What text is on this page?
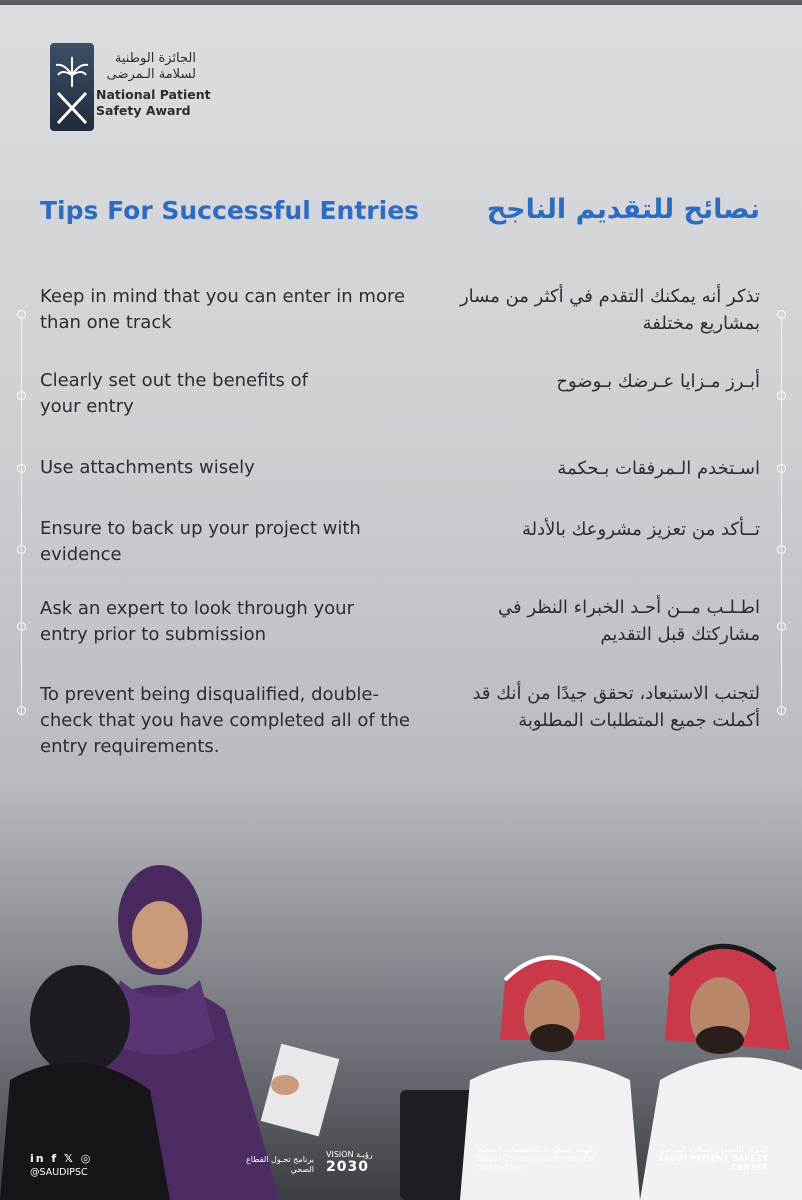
الجائزة الوطنية
لسلامة الـمرضى
National Patient
Safety Award
Tips For Successful Entries	نصائح للتقديم الناجح
Keep in mind that you can enter in more than one track
تذكر أنه يمكنك التقدم في أكثر من مسار بمشاريع مختلفة
Clearly set out the benefits of your entry
أبـرز مـزايا عـرضك بـوضوح
Use attachments wisely	اسـتخدم الـمرفقات بـحكمة
Ensure to back up your project with evidence
تــأكد من تعزيز مشروعك بالأدلة
Ask an expert to look through your entry prior to submission
اطـلـب مــن أحـد الخبراء النظر في مشاركتك قبل التقديم
To prevent being disqualified, double-check that you have completed all of the entry requirements.
لتجنب الاستبعاد، تحقق جيدًا من أنك قد أكملت جميع المتطلبات المطلوبة
in f 𝕏 ◎
@SAUDIPSC
برنامج تحـول القطاع الصحي
VISION رؤيـة
2030
الهيئة السعودية للتخصصات الصحية
Saudi Commission for Health Specialties
المركز السعودي لسلامة المرضى
SAUDI PATIENT SAFETY CENTER
